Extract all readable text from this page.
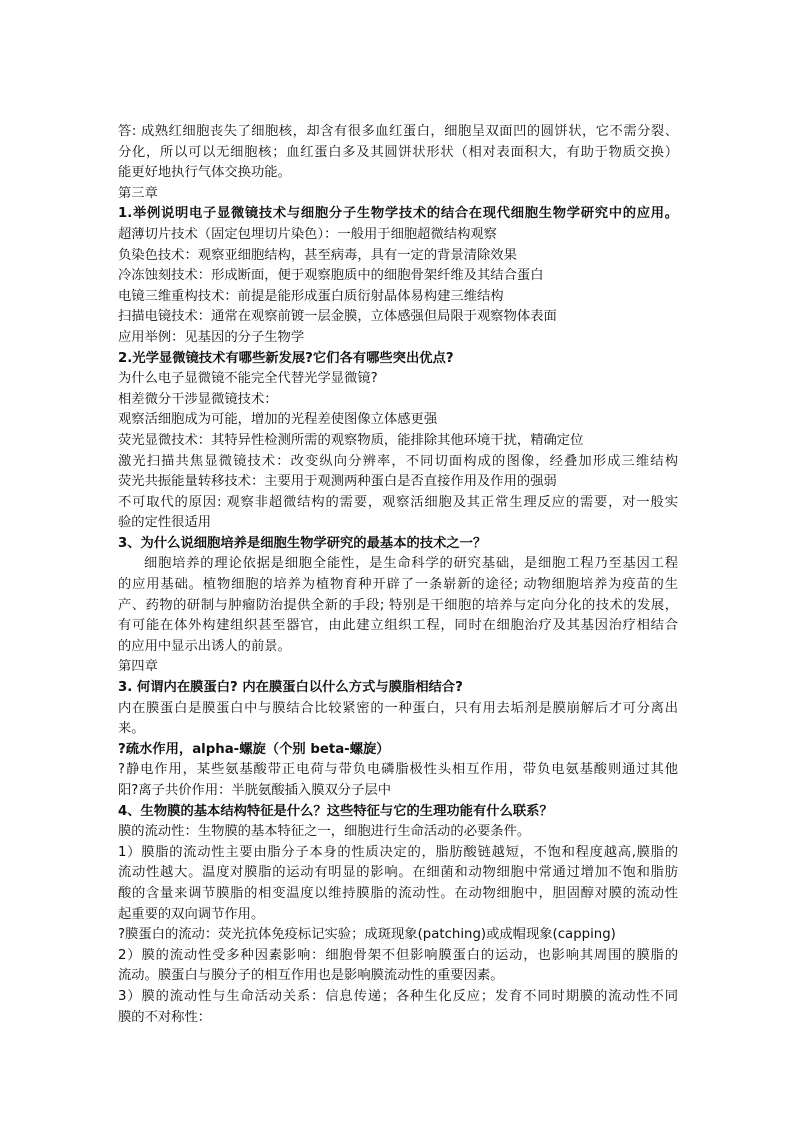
答: 成熟红细胞丧失了细胞核，却含有很多血红蛋白，细胞呈双面凹的圆饼状，它不需分裂、
分化，所以可以无细胞核；血红蛋白多及其圆饼状形状（相对表面积大，有助于物质交换）
能更好地执行气体交换功能。
第三章
1.举例说明电子显微镜技术与细胞分子生物学技术的结合在现代细胞生物学研究中的应用。
超薄切片技术（固定包埋切片染色）：一般用于细胞超微结构观察
负染色技术：观察亚细胞结构，甚至病毒，具有一定的背景清除效果
冷冻蚀刻技术：形成断面，便于观察胞质中的细胞骨架纤维及其结合蛋白
电镜三维重构技术：前提是能形成蛋白质衍射晶体易构建三维结构
扫描电镜技术：通常在观察前镀一层金膜，立体感强但局限于观察物体表面
应用举例：见基因的分子生物学
2.光学显微镜技术有哪些新发展?它们各有哪些突出优点?
为什么电子显微镜不能完全代替光学显微镜?
相差微分干涉显微镜技术：
观察活细胞成为可能，增加的光程差使图像立体感更强
荧光显微技术：其特异性检测所需的观察物质，能排除其他环境干扰，精确定位
激光扫描共焦显微镜技术：改变纵向分辨率，不同切面构成的图像，经叠加形成三维结构
荧光共振能量转移技术：主要用于观测两种蛋白是否直接作用及作用的强弱
不可取代的原因: 观察非超微结构的需要，观察活细胞及其正常生理反应的需要，对一般实
验的定性很适用
3、为什么说细胞培养是细胞生物学研究的最基本的技术之一？
细胞培养的理论依据是细胞全能性，是生命科学的研究基础，是细胞工程乃至基因工程
的应用基础。植物细胞的培养为植物育种开辟了一条崭新的途径; 动物细胞培养为疫苗的生
产、药物的研制与肿瘤防治提供全新的手段; 特别是干细胞的培养与定向分化的技术的发展，
有可能在体外构建组织甚至器官，由此建立组织工程，同时在细胞治疗及其基因治疗相结合
的应用中显示出诱人的前景。
第四章
3. 何谓内在膜蛋白? 内在膜蛋白以什么方式与膜脂相结合?
内在膜蛋白是膜蛋白中与膜结合比较紧密的一种蛋白，只有用去垢剂是膜崩解后才可分离出
来。
?疏水作用，alpha-螺旋（个别 beta-螺旋）
?静电作用，某些氨基酸带正电荷与带负电磷脂极性头相互作用，带负电氨基酸则通过其他
阳?离子共价作用：半胱氨酸插入膜双分子层中
4、生物膜的基本结构特征是什么？这些特征与它的生理功能有什么联系？
膜的流动性：生物膜的基本特征之一，细胞进行生命活动的必要条件。
1）膜脂的流动性主要由脂分子本身的性质决定的，脂肪酸链越短，不饱和程度越高,膜脂的
流动性越大。温度对膜脂的运动有明显的影响。在细菌和动物细胞中常通过增加不饱和脂肪
酸的含量来调节膜脂的相变温度以维持膜脂的流动性。在动物细胞中，胆固醇对膜的流动性
起重要的双向调节作用。
?膜蛋白的流动：荧光抗体免疫标记实验；成斑现象(patching)或成帽现象(capping)
2）膜的流动性受多种因素影响：细胞骨架不但影响膜蛋白的运动，也影响其周围的膜脂的
流动。膜蛋白与膜分子的相互作用也是影响膜流动性的重要因素。
3）膜的流动性与生命活动关系：信息传递；各种生化反应；发育不同时期膜的流动性不同
膜的不对称性：
